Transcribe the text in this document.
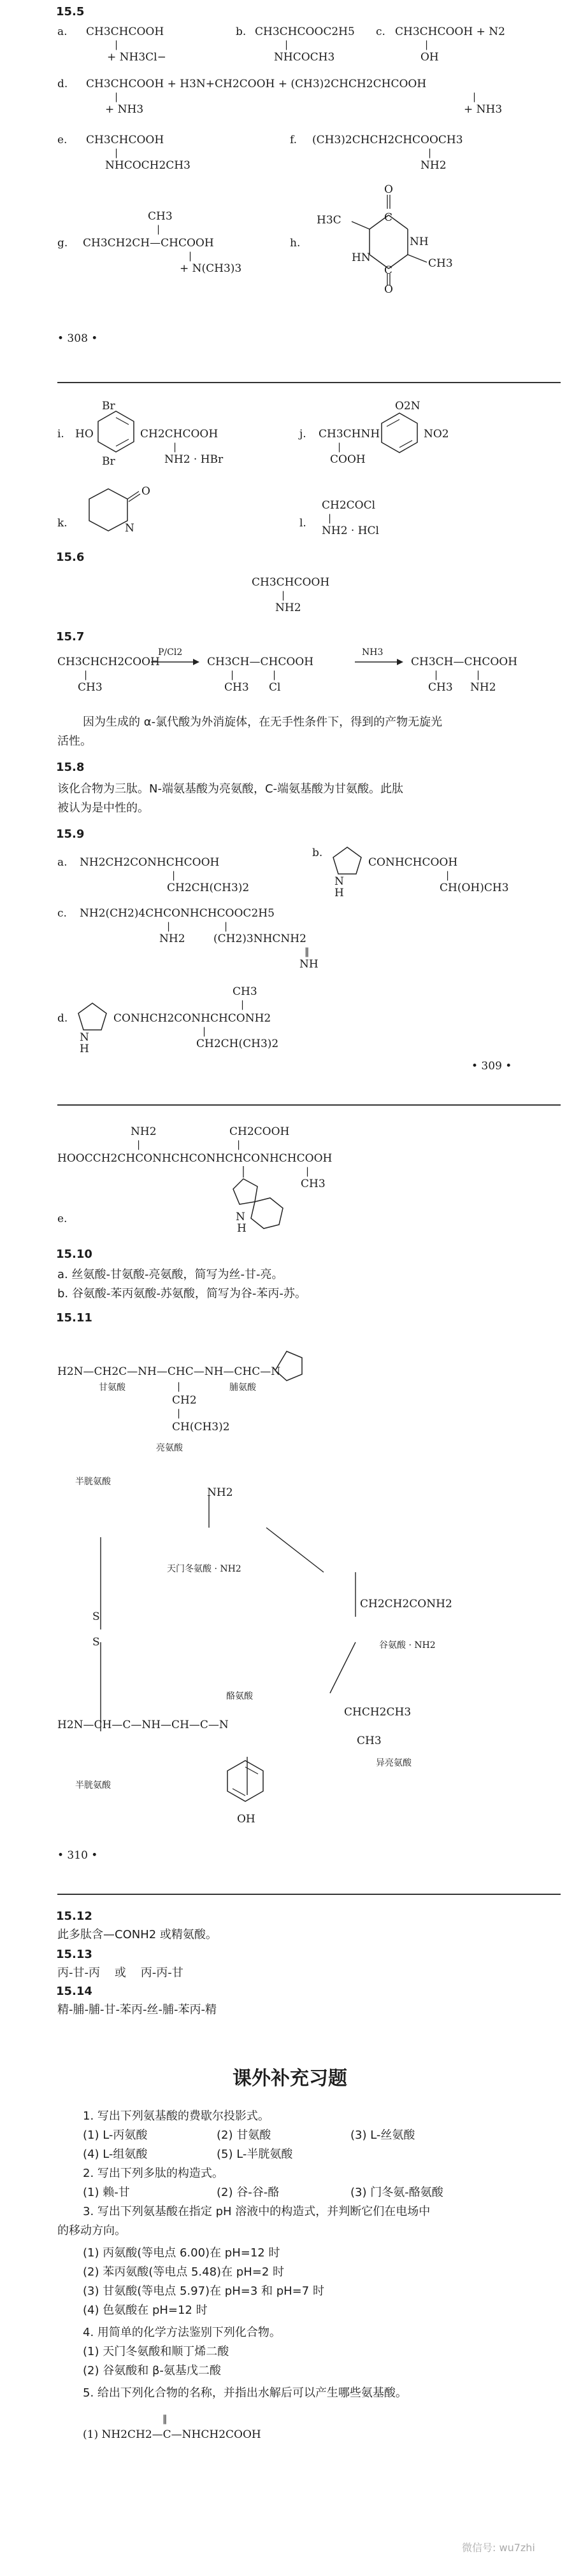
15.5
a. CH3CHCOOH
|
+ NH3Cl−
b. CH3CHCOOC2H5
|
NHCOCH3
c. CH3CHCOOH + N2
|
OH
d. CH3CHCOOH + H3N+CH2COOH + (CH3)2CHCH2CHCOOH
|
+ NH3
|
+ NH3
e. CH3CHCOOH
|
NHCOCH2CH3
f. (CH3)2CHCH2CHCOOCH3
|
NH2
CH3
|
g. CH3CH2CH—CHCOOH
|
+ N(CH3)3
h.
O
C
H3C
NH
HN
C
O
CH3
• 308 •
Br
i. HO
Br
CH2CHCOOH
|
NH2 · HBr
j. CH3CHNH
O2N
NO2
|
COOH
k.
O
N	l.
CH2COCl
|
NH2 · HCl
15.6
CH3CHCOOH
|
NH2
15.7
CH3CHCH2COOH
|
CH3
P/Cl2
CH3CH—CHCOOH
|
CH3
|
Cl
NH3
CH3CH—CHCOOH
|
CH3
|
NH2
因为生成的 α-氯代酸为外消旋体，在无手性条件下，得到的产物无旋光
活性。
15.8
该化合物为三肽。N-端氨基酸为亮氨酸，C-端氨基酸为甘氨酸。此肽
被认为是中性的。
15.9
a. NH2CH2CONHCHCOOH
|
CH2CH(CH3)2
b.
N
H
CONHCHCOOH
|
CH(OH)CH3
c. NH2(CH2)4CHCONHCHCOOC2H5
|
NH2
|
(CH2)3NHCNH2
‖
NH
CH3
|
d.
N
H
CONHCH2CONHCHCONH2
|
CH2CH(CH3)2
• 309 •
NH2	CH2COOH
|	|
HOOCCH2CHCONHCHCONHCHCONHCHCOOH
|
CH3
e.	N
H
15.10
a. 丝氨酸-甘氨酸-亮氨酸，简写为丝-甘-亮。
b. 谷氨酸-苯丙氨酸-苏氨酸，简写为谷-苯丙-苏。
15.11
H2N—CH2C—NH—CHC—NH—CHC—N
甘氨酸	脯氨酸
|
CH2
|
CH(CH3)2
亮氨酸
半胱氨酸
NH2
天门冬氨酸 · NH2
CH2CH2CONH2
谷氨酸 · NH2
S
S
酪氨酸
CHCH2CH3
CH3
异亮氨酸
H2N—CH—C—NH—CH—C—N
半胱氨酸
OH
• 310 •
15.12
此多肽含—CONH2 或精氨酸。
15.13
丙-甘-丙    或    丙-丙-甘
15.14
精-脯-脯-甘-苯丙-丝-脯-苯丙-精
课外补充习题
1. 写出下列氨基酸的费歇尔投影式。
(1) L-丙氨酸	(2) 甘氨酸	(3) L-丝氨酸
(4) L-组氨酸	(5) L-半胱氨酸
2. 写出下列多肽的构造式。
(1) 赖-甘	(2) 谷-谷-酪	(3) 门冬氨-酪氨酸
3. 写出下列氨基酸在指定 pH 溶液中的构造式，并判断它们在电场中
的移动方向。
(1) 丙氨酸(等电点 6.00)在 pH=12 时
(2) 苯丙氨酸(等电点 5.48)在 pH=2 时
(3) 甘氨酸(等电点 5.97)在 pH=3 和 pH=7 时
(4) 色氨酸在 pH=12 时
4. 用简单的化学方法鉴别下列化合物。
(1) 天门冬氨酸和顺丁烯二酸
(2) 谷氨酸和 β-氨基戊二酸
5. 给出下列化合物的名称，并指出水解后可以产生哪些氨基酸。
‖
(1) NH2CH2—C—NHCH2COOH
微信号: wu7zhi
